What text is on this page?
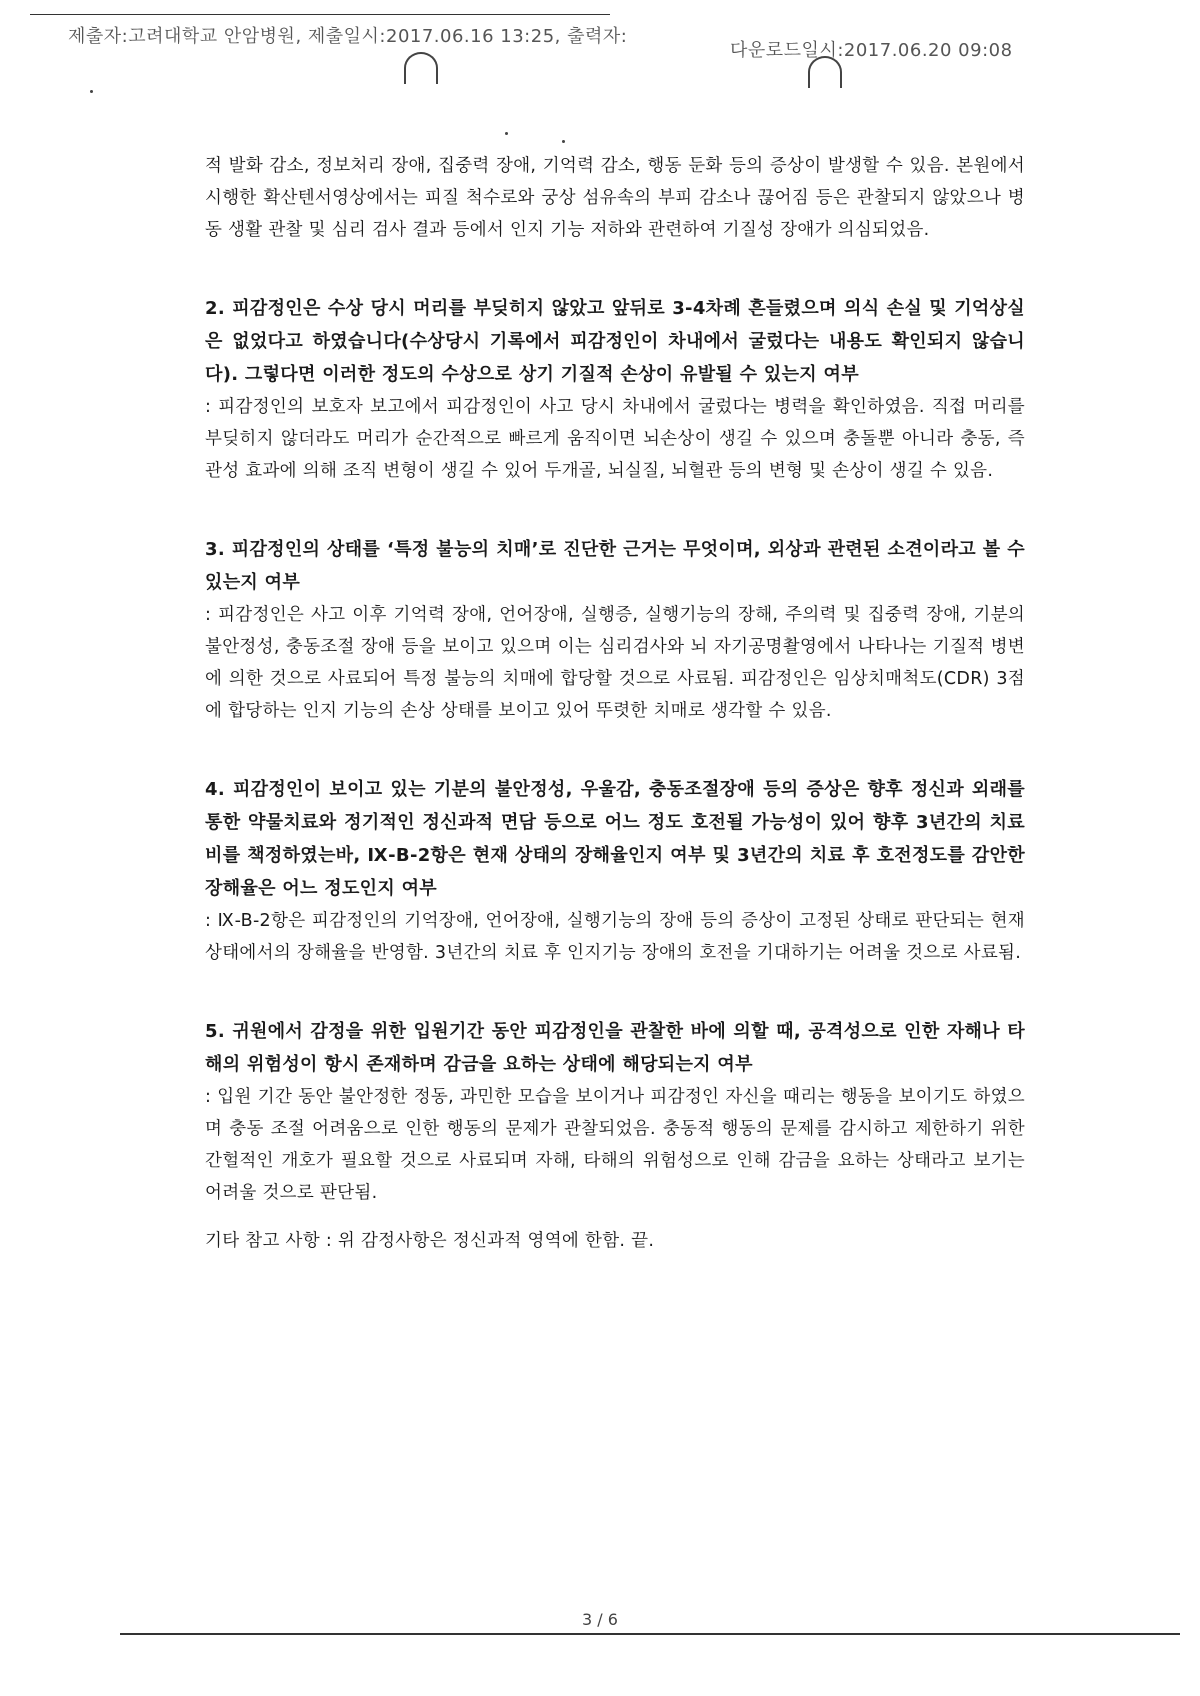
제출자:고려대학교 안암병원, 제출일시:2017.06.16 13:25, 출력자:
다운로드일시:2017.06.20 09:08

적 발화 감소, 정보처리 장애, 집중력 장애, 기억력 감소, 행동 둔화 등의 증상이 발생할 수 있음. 본원에서 시행한 확산텐서영상에서는 피질 척수로와 궁상 섬유속의 부피 감소나 끊어짐 등은 관찰되지 않았으나 병동 생활 관찰 및 심리 검사 결과 등에서 인지 기능 저하와 관련하여 기질성 장애가 의심되었음.

2. 피감정인은 수상 당시 머리를 부딪히지 않았고 앞뒤로 3-4차례 흔들렸으며 의식 손실 및 기억상실은 없었다고 하였습니다(수상당시 기록에서 피감정인이 차내에서 굴렀다는 내용도 확인되지 않습니다). 그렇다면 이러한 정도의 수상으로 상기 기질적 손상이 유발될 수 있는지 여부

: 피감정인의 보호자 보고에서 피감정인이 사고 당시 차내에서 굴렀다는 병력을 확인하였음. 직접 머리를 부딪히지 않더라도 머리가 순간적으로 빠르게 움직이면 뇌손상이 생길 수 있으며 충돌뿐 아니라 충동, 즉 관성 효과에 의해 조직 변형이 생길 수 있어 두개골, 뇌실질, 뇌혈관 등의 변형 및 손상이 생길 수 있음.

3. 피감정인의 상태를 ‘특정 불능의 치매’로 진단한 근거는 무엇이며, 외상과 관련된 소견이라고 볼 수 있는지 여부

: 피감정인은 사고 이후 기억력 장애, 언어장애, 실행증, 실행기능의 장해, 주의력 및 집중력 장애, 기분의 불안정성, 충동조절 장애 등을 보이고 있으며 이는 심리검사와 뇌 자기공명촬영에서 나타나는 기질적 병변에 의한 것으로 사료되어 특정 불능의 치매에 합당할 것으로 사료됨. 피감정인은 임상치매척도(CDR) 3점에 합당하는 인지 기능의 손상 상태를 보이고 있어 뚜렷한 치매로 생각할 수 있음.

4. 피감정인이 보이고 있는 기분의 불안정성, 우울감, 충동조절장애 등의 증상은 향후 정신과 외래를 통한 약물치료와 정기적인 정신과적 면담 등으로 어느 정도 호전될 가능성이 있어 향후 3년간의 치료비를 책정하였는바, Ⅸ-B-2항은 현재 상태의 장해율인지 여부 및 3년간의 치료 후 호전정도를 감안한 장해율은 어느 정도인지 여부

: Ⅸ-B-2항은 피감정인의 기억장애, 언어장애, 실행기능의 장애 등의 증상이 고정된 상태로 판단되는 현재 상태에서의 장해율을 반영함. 3년간의 치료 후 인지기능 장애의 호전을 기대하기는 어려울 것으로 사료됨.

5. 귀원에서 감정을 위한 입원기간 동안 피감정인을 관찰한 바에 의할 때, 공격성으로 인한 자해나 타해의 위험성이 항시 존재하며 감금을 요하는 상태에 해당되는지 여부

: 입원 기간 동안 불안정한 정동, 과민한 모습을 보이거나 피감정인 자신을 때리는 행동을 보이기도 하였으며 충동 조절 어려움으로 인한 행동의 문제가 관찰되었음. 충동적 행동의 문제를 감시하고 제한하기 위한 간헐적인 개호가 필요할 것으로 사료되며 자해, 타해의 위험성으로 인해 감금을 요하는 상태라고 보기는 어려울 것으로 판단됨.

기타 참고 사항 : 위 감정사항은 정신과적 영역에 한함. 끝.

3 / 6
